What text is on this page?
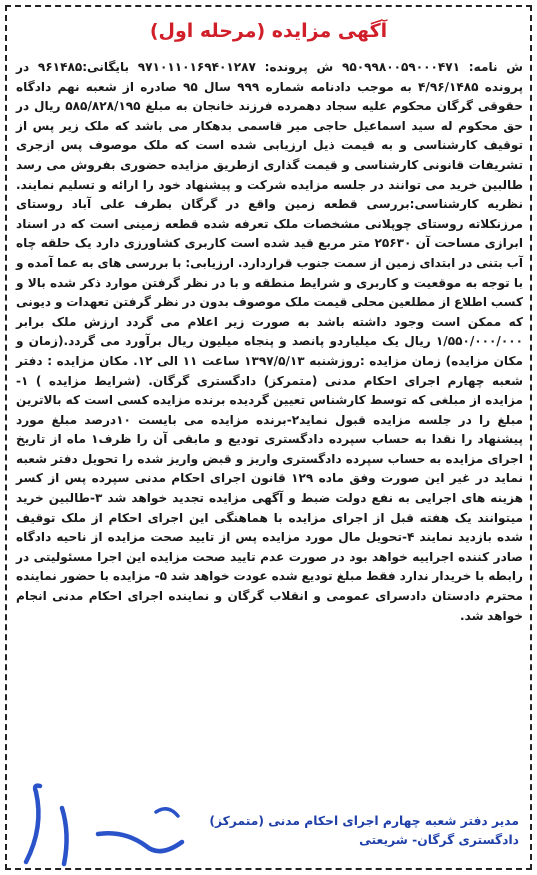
آگهی مزایده (مرحله اول)
ش نامه: ۹۵۰۹۹۸۰۰۵۹۰۰۰۴۷۱ ش پرونده: ۹۷۱۰۱۱۰۱۶۹۴۰۱۲۸۷ بایگانی:۹۶۱۴۸۵ در پرونده ۴/۹۶/۱۴۸۵ به موجب دادنامه شماره ۹۹۹ سال ۹۵ صادره از شعبه نهم دادگاه حقوقی گرگان محکوم علیه سجاد دهمرده فرزند خانجان به مبلغ ۵۸۵/۸۲۸/۱۹۵ ریال در حق محکوم له سید اسماعیل حاجی میر قاسمی بدهکار می باشد که ملک زیر پس از توقیف کارشناسی و به قیمت ذیل ارزیابی شده است که ملک موصوف پس ازجری تشریفات قانونی کارشناسی و قیمت گذاری ازطریق مزایده حضوری بفروش می رسد طالبین خرید می توانند در جلسه مزایده شرکت و پیشنهاد خود را ارائه و تسلیم نمایند. نظریه کارشناسی:بررسی قطعه زمین واقع در گرگان بطرف علی آباد روستای مرزنکلاته روستای چوپلانی مشخصات ملک تعرفه شده قطعه زمینی است که در اسناد ابرازی مساحت آن ۲۵۶۳۰ متر مربع قید شده است کاربری کشاورزی دارد یک حلقه چاه آب بتنی در ابتدای زمین از سمت جنوب قراردارد. ارزیابی: با بررسی های به عما آمده و با توجه به موقعیت و کاربری و شرایط منطقه و با در نظر گرفتن موارد ذکر شده بالا و کسب اطلاع از مطلعین محلی قیمت ملک موصوف بدون در نظر گرفتن تعهدات و دیونی که ممکن است وجود داشته باشد به صورت زیر اعلام می گردد ارزش ملک برابر ۱/۵۵۰/۰۰۰/۰۰۰ ریال یک میلیاردو پانصد و پنجاه میلیون ریال برآورد می گردد.(زمان و مکان مزایده) زمان مزایده :روزشنبه ۱۳۹۷/۵/۱۳ ساعت ۱۱ الی ۱۲. مکان مزایده : دفتر شعبه چهارم اجرای احکام مدنی (متمرکز) دادگستری گرگان. (شرایط مزایده ) ۱- مزایده از مبلغی که توسط کارشناس تعیین گردیده برنده مزایده کسی است که بالاترین مبلغ را در جلسه مزایده قبول نماید۲-برنده مزایده می بایست ۱۰درصد مبلغ مورد پیشنهاد را نقدا به حساب سپرده دادگستری تودیع و مابقی آن را ظرف۱ ماه از تاریخ اجرای مزایده به حساب سپرده دادگستری واریز و قبض واریز شده را تحویل دفتر شعبه نماید در غیر این صورت وفق ماده ۱۲۹ قانون اجرای احکام مدنی سپرده پس از کسر هزینه های اجرایی به نفع دولت ضبط و آگهی مزایده تجدید خواهد شد ۳-طالبین خرید میتوانند یک هفته قبل از اجرای مزایده با هماهنگی این اجرای احکام از ملک توقیف شده بازدید نمایند ۴-تحویل مال مورد مزایده پس از تایید صحت مزایده از ناحیه دادگاه صادر کننده اجراییه خواهد بود در صورت عدم تایید صحت مزایده این اجرا مسئولیتی در رابطه با خریدار ندارد فقط مبلغ تودیع شده عودت خواهد شد ۵- مزایده با حضور نماینده محترم دادستان دادسرای عمومی و انقلاب گرگان و نماینده اجرای احکام مدنی انجام خواهد شد.
مدیر دفتر شعبه چهارم اجرای احکام مدنی (متمرکز)
دادگستری گرگان- شریعتی
